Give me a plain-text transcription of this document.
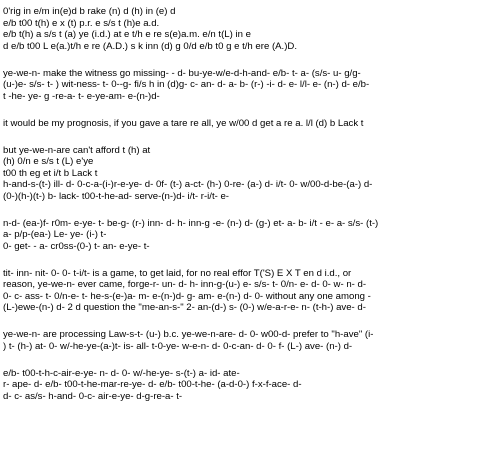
0'rig in e/m in(e)d b rake (n) d (h) in (e) d
e/b t00 t(h) e x (t) p.r. e s/s t (h)e a.d.
e/b t(h) a s/s t (a) ye (i.d.) at e t/h e re s(e)a.m. e/n t(L) in e
d e/b t00 L e(a.)t/h e re (A.D.) s k inn (d) g 0/d e/b t0 g e t/h ere (A.)D.
ye-we-n- make the witness go missing- - d- bu-ye-w/e-d-h-and- e/b- t- a- (s/s- u- g/g-
(u-)e- s/s- t- ) wit-ness- t- 0--g- fi/s h in (d)g- c- an- d- a- b- (r-) -i- d- e- l/l- e- (n-) d- e/b-
t -he- ye- g -re-a- t- e-ye-am- e-(n-)d-
it would be my prognosis, if you gave a tare re all, ye w/00 d get a re a. l/l (d) b Lack t
but ye-we-n-are can't afford t (h) at
(h) 0/n e s/s t (L) e'ye
t00 th eg et i/t b Lack t
h-and-s-(t-) ill- d- 0-c-a-(i-)r-e-ye- d- 0f- (t-) a-ct- (h-) 0-re- (a-) d- i/t- 0- w/00-d-be-(a-) d-
(0-)(h-)(t-) b- lack- t00-t-he-ad- serve-(n-)d- i/t- r-i/t- e-
n-d- (ea-)f- r0m- e-ye- t- be-g- (r-) inn- d- h- inn-g -e- (n-) d- (g-) et- a- b- i/t - e- a- s/s- (t-)
a- p/p-(ea-) Le- ye- (i-) t-
0- get- - a- cr0ss-(0-) t- an- e-ye- t-
tit- inn- nit- 0- 0- t-i/t- is a game, to get laid, for no real effor T('S) E X T en d i.d., or
reason, ye-we-n- ever came, forge-r- un- d- h- inn-g-(u-) e- s/s- t- 0/n- e- d- 0- w- n- d-
0- c- ass- t- 0/n-e- t- he-s-(e-)a- m- e-(n-)d- g- am- e-(n-) d- 0- without any one among -
(L-)ewe-(n-) d- 2 d question the "me-an-s-" 2- an-(d-) s- (0-) w/e-a-r-e- n- (t-h-) ave- d-
ye-we-n- are processing Law-s-t- (u-) b.c. ye-we-n-are- d- 0- w00-d- prefer to "h-ave" (i-
) t- (h-) at- 0- w/-he-ye-(a-)t- is- all- t-0-ye- w-e-n- d- 0-c-an- d- 0- f- (L-) ave- (n-) d-
e/b- t00-t-h-c-air-e-ye- n- d- 0- w/-he-ye- s-(t-) a- id- ate-
r- ape- d- e/b- t00-t-he-mar-re-ye- d- e/b- t00-t-he- (a-d-0-) f-x-f-ace- d-
d- c- as/s- h-and- 0-c- air-e-ye- d-g-re-a- t-
